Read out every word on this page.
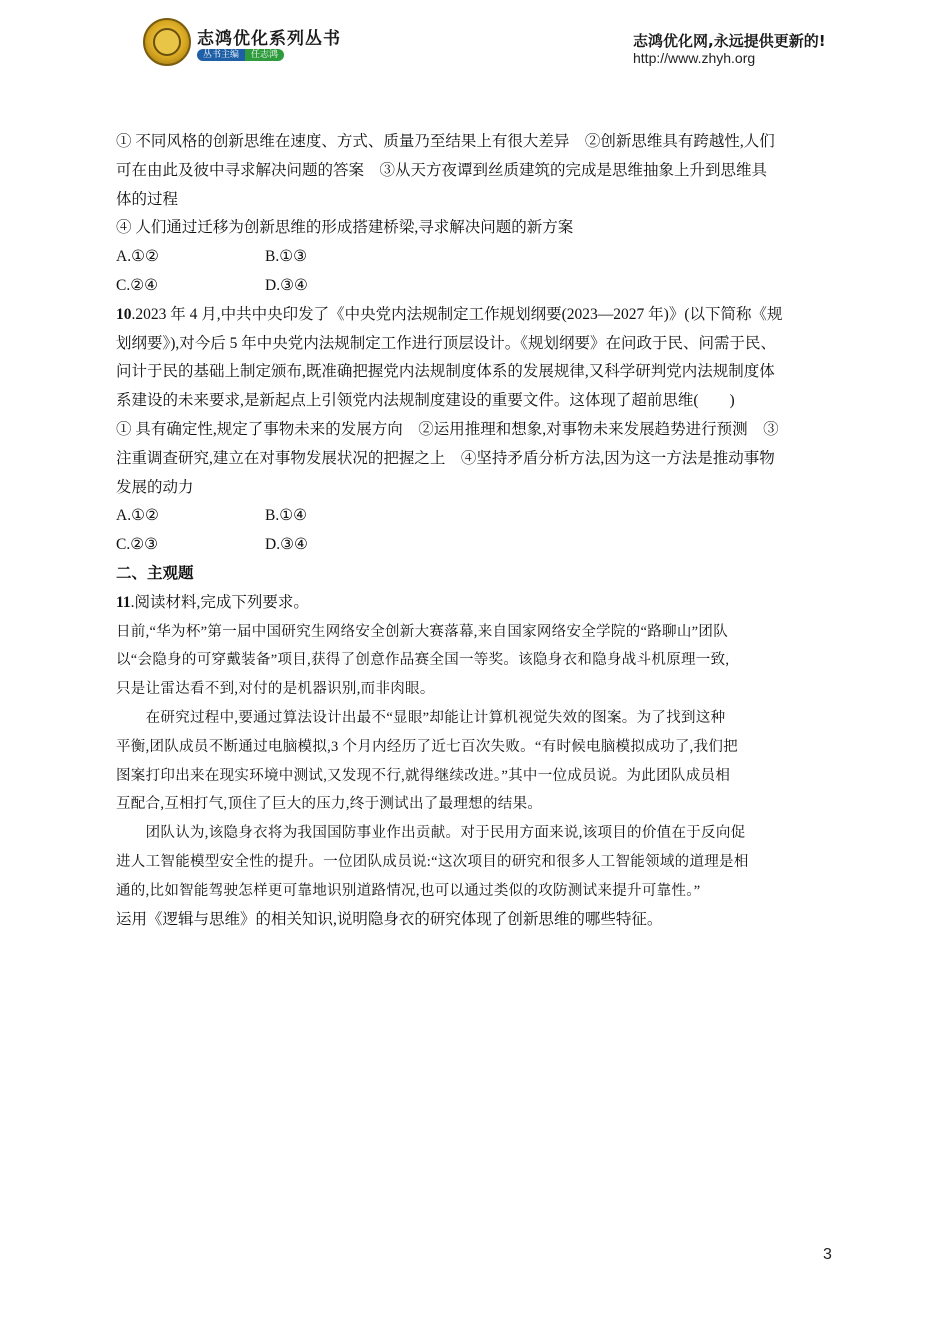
志鸿优化系列丛书
丛书主编 任志鸿
志鸿优化网,永远提供更新的!
http://www.zhyh.org
① 不同风格的创新思维在速度、方式、质量乃至结果上有很大差异　②创新思维具有跨越性,人们
可在由此及彼中寻求解决问题的答案　③从天方夜谭到丝质建筑的完成是思维抽象上升到思维具
体的过程
④ 人们通过迁移为创新思维的形成搭建桥梁,寻求解决问题的新方案
A.①②	B.①③
C.②④	D.③④
10.2023 年 4 月,中共中央印发了《中央党内法规制定工作规划纲要(2023—2027 年)》(以下简称《规
划纲要》),对今后 5 年中央党内法规制定工作进行顶层设计。《规划纲要》在问政于民、问需于民、
问计于民的基础上制定颁布,既准确把握党内法规制度体系的发展规律,又科学研判党内法规制度体
系建设的未来要求,是新起点上引领党内法规制度建设的重要文件。这体现了超前思维(　　)
① 具有确定性,规定了事物未来的发展方向　②运用推理和想象,对事物未来发展趋势进行预测　③
注重调查研究,建立在对事物发展状况的把握之上　④坚持矛盾分析方法,因为这一方法是推动事物
发展的动力
A.①②	B.①④
C.②③	D.③④
二、主观题
11.阅读材料,完成下列要求。
日前,“华为杯”第一届中国研究生网络安全创新大赛落幕,来自国家网络安全学院的“路聊山”团队
以“会隐身的可穿戴装备”项目,获得了创意作品赛全国一等奖。该隐身衣和隐身战斗机原理一致,
只是让雷达看不到,对付的是机器识别,而非肉眼。
　　在研究过程中,要通过算法设计出最不“显眼”却能让计算机视觉失效的图案。为了找到这种
平衡,团队成员不断通过电脑模拟,3 个月内经历了近七百次失败。“有时候电脑模拟成功了,我们把
图案打印出来在现实环境中测试,又发现不行,就得继续改进。”其中一位成员说。为此团队成员相
互配合,互相打气,顶住了巨大的压力,终于测试出了最理想的结果。
　　团队认为,该隐身衣将为我国国防事业作出贡献。对于民用方面来说,该项目的价值在于反向促
进人工智能模型安全性的提升。一位团队成员说:“这次项目的研究和很多人工智能领域的道理是相
通的,比如智能驾驶怎样更可靠地识别道路情况,也可以通过类似的攻防测试来提升可靠性。”
运用《逻辑与思维》的相关知识,说明隐身衣的研究体现了创新思维的哪些特征。
3
